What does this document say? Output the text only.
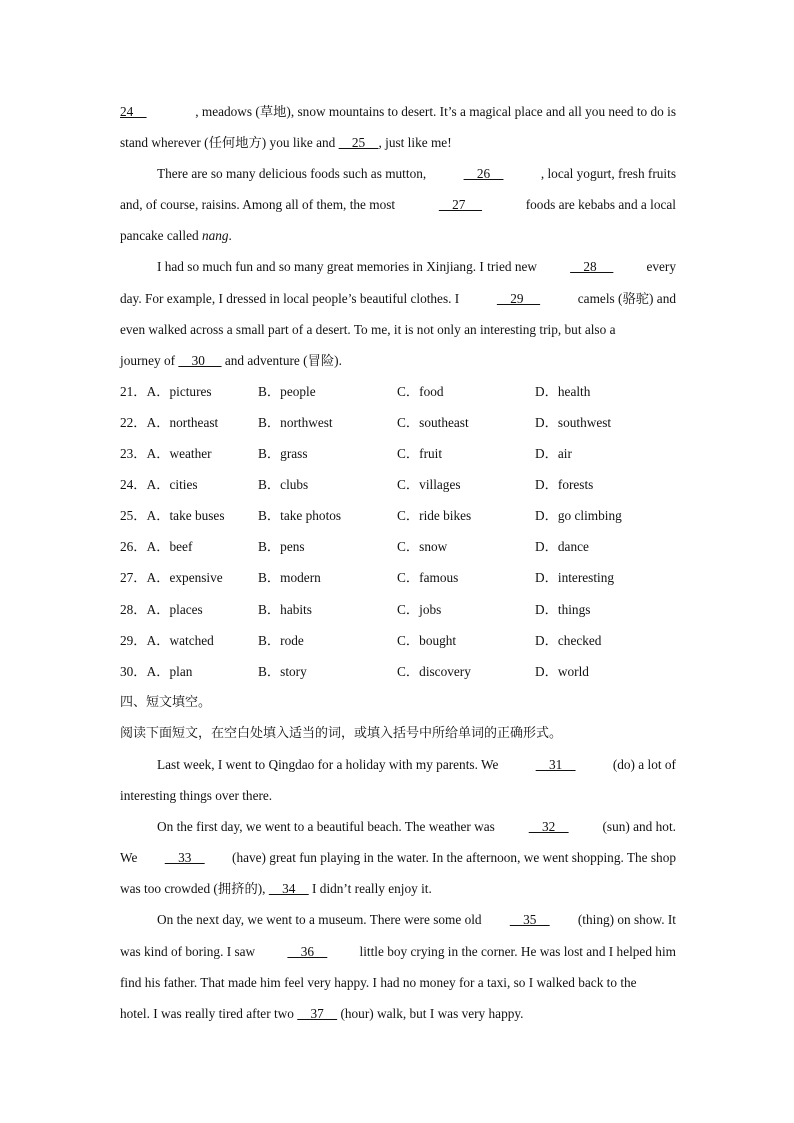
24	, meadows (草地), snow mountains to desert. It’s a magical place and all you need to do is
stand wherever (任何地方) you like and     25    , just like me!
There are so many delicious foods such as mutton,	26	, local yogurt, fresh fruits
and, of course, raisins. Among all of them, the most	27	foods are kebabs and a local
pancake called nang.
I had so much fun and so many great memories in Xinjiang. I tried new 28 every
day. For example, I dressed in local people’s beautiful clothes. I	29	camels (骆驼) and
even walked across a small part of a desert. To me, it is not only an interesting trip, but also a
journey of     30      and adventure (冒险).
21．A．pictures	B．people	C．food	D．health
22．A．northeast	B．northwest	C．southeast	D．southwest
23．A．weather	B．grass	C．fruit	D．air
24．A．cities	B．clubs	C．villages	D．forests
25．A．take buses	B．take photos	C．ride bikes	D．go climbing
26．A．beef	B．pens	C．snow	D．dance
27．A．expensive	B．modern	C．famous	D．interesting
28．A．places	B．habits	C．jobs	D．things
29．A．watched	B．rode	C．bought	D．checked
30．A．plan	B．story	C．discovery	D．world
四、短文填空。
阅读下面短文，在空白处填入适当的词，或填入括号中所给单词的正确形式。
Last week, I went to Qingdao for a holiday with my parents. We	31	(do) a lot of
interesting things over there.
On the first day, we went to a beautiful beach. The weather was	32	(sun) and hot.
We 33 (have) great fun playing in the water. In the afternoon, we went shopping. The shop
was too crowded (拥挤的),     34     I didn’t really enjoy it.
On the next day, we went to a museum. There were some old 35 (thing) on show. It
was kind of boring. I saw 36 little boy crying in the corner. He was lost and I helped him
find his father. That made him feel very happy. I had no money for a taxi, so I walked back to the
hotel. I was really tired after two     37     (hour) walk, but I was very happy.
